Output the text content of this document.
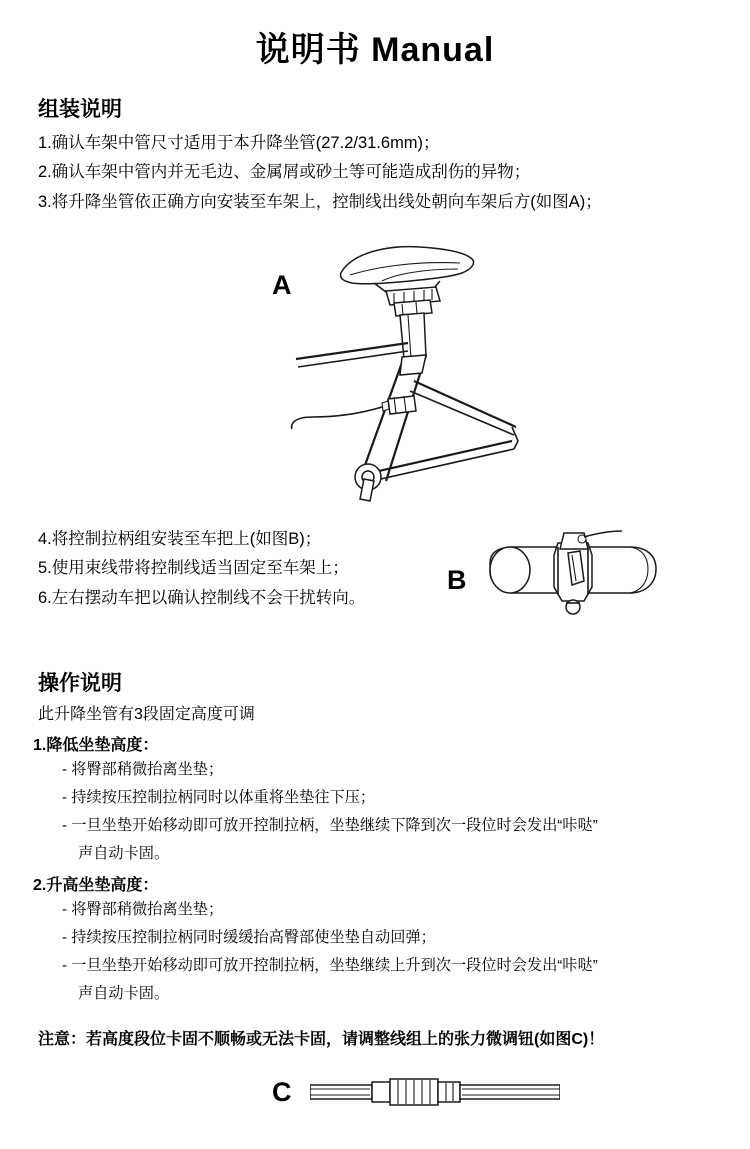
说明书 Manual
组装说明
1.确认车架中管尺寸适用于本升降坐管(27.2/31.6mm)；
2.确认车架中管内并无毛边、金属屑或砂土等可能造成刮伤的异物；
3.将升降坐管依正确方向安装至车架上，控制线出线处朝向车架后方(如图A)；
A
4.将控制拉柄组安装至车把上(如图B)；
5.使用束线带将控制线适当固定至车架上；
6.左右摆动车把以确认控制线不会干扰转向。
B
操作说明
此升降坐管有3段固定高度可调
1.降低坐垫高度：
- 将臀部稍微抬离坐垫；
- 持续按压控制拉柄同时以体重将坐垫往下压；
- 一旦坐垫开始移动即可放开控制拉柄，坐垫继续下降到次一段位时会发出“咔哒”
声自动卡固。
2.升高坐垫高度：
- 将臀部稍微抬离坐垫；
- 持续按压控制拉柄同时缓缓抬高臀部使坐垫自动回弹；
- 一旦坐垫开始移动即可放开控制拉柄，坐垫继续上升到次一段位时会发出“咔哒”
声自动卡固。
注意：若高度段位卡固不顺畅或无法卡固，请调整线组上的张力微调钮(如图C)！
C
